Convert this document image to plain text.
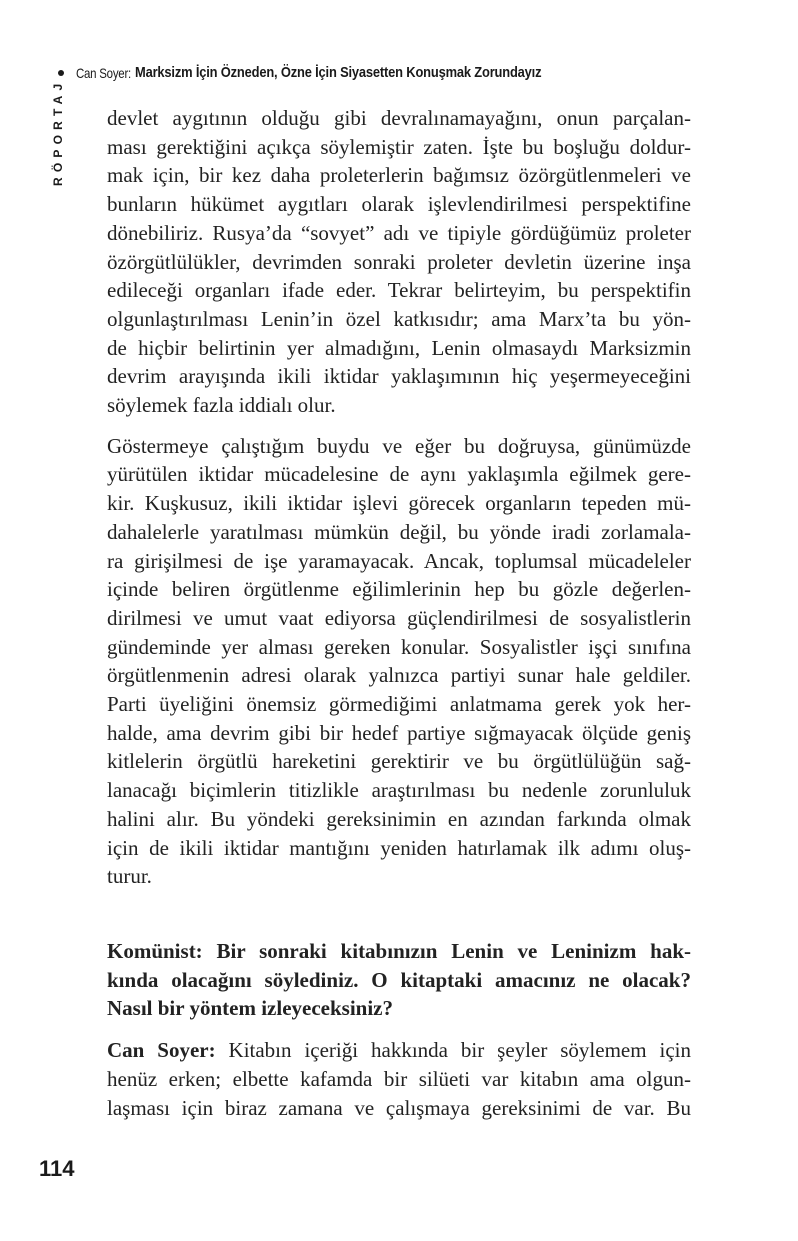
Can Soyer: Marksizm İçin Özneden, Özne İçin Siyasetten Konuşmak Zorundayız
RÖPORTAJ devlet aygıtının olduğu gibi devralınamayağını, onun parçalan-
ması gerektiğini açıkça söylemiştir zaten. İşte bu boşluğu doldur-
mak için, bir kez daha proleterlerin bağımsız özörgütlenmeleri ve
bunların hükümet aygıtları olarak işlevlendirilmesi perspektifine
dönebiliriz. Rusya’da “sovyet” adı ve tipiyle gördüğümüz proleter
özörgütlülükler, devrimden sonraki proleter devletin üzerine inşa
edileceği organları ifade eder. Tekrar belirteyim, bu perspektifin
olgunlaştırılması Lenin’in özel katkısıdır; ama Marx’ta bu yön-
de hiçbir belirtinin yer almadığını, Lenin olmasaydı Marksizmin
devrim arayışında ikili iktidar yaklaşımının hiç yeşermeyeceğini
söylemek fazla iddialı olur.

Göstermeye çalıştığım buydu ve eğer bu doğruysa, günümüzde
yürütülen iktidar mücadelesine de aynı yaklaşımla eğilmek gere-
kir. Kuşkusuz, ikili iktidar işlevi görecek organların tepeden mü-
dahalelerle yaratılması mümkün değil, bu yönde iradi zorlamala-
ra girişilmesi de işe yaramayacak. Ancak, toplumsal mücadeleler
içinde beliren örgütlenme eğilimlerinin hep bu gözle değerlen-
dirilmesi ve umut vaat ediyorsa güçlendirilmesi de sosyalistlerin
gündeminde yer alması gereken konular. Sosyalistler işçi sınıfına
örgütlenmenin adresi olarak yalnızca partiyi sunar hale geldiler.
Parti üyeliğini önemsiz görmediğimi anlatmama gerek yok her-
halde, ama devrim gibi bir hedef partiye sığmayacak ölçüde geniş
kitlelerin örgütlü hareketini gerektirir ve bu örgütlülüğün sağ-
lanacağı biçimlerin titizlikle araştırılması bu nedenle zorunluluk
halini alır. Bu yöndeki gereksinimin en azından farkında olmak
için de ikili iktidar mantığını yeniden hatırlamak ilk adımı oluş-
turur.

Komünist: Bir sonraki kitabınızın Lenin ve Leninizm hak-
kında olacağını söylediniz. O kitaptaki amacınız ne olacak?
Nasıl bir yöntem izleyeceksiniz?

Can Soyer: Kitabın içeriği hakkında bir şeyler söylemem için
henüz erken; elbette kafamda bir silüeti var kitabın ama olgun-
laşması için biraz zamana ve çalışmaya gereksinimi de var. Bu

114
